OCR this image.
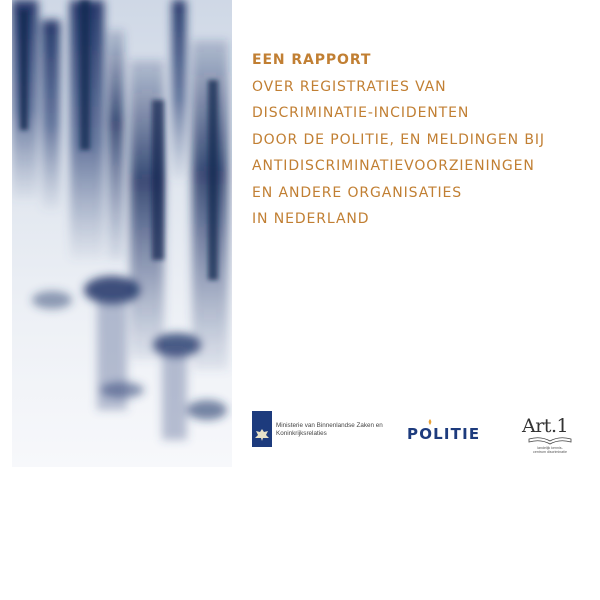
EEN RAPPORT
OVER REGISTRATIES VAN
DISCRIMINATIE-INCIDENTEN
DOOR DE POLITIE, EN MELDINGEN BIJ
ANTIDISCRIMINATIEVOORZIENINGEN
EN ANDERE ORGANISATIES
IN NEDERLAND
Ministerie van Binnenlandse Zaken en
Koninkrijksrelaties	POLITIE	Art.1
landelijk kennis-
centrum discriminatie
